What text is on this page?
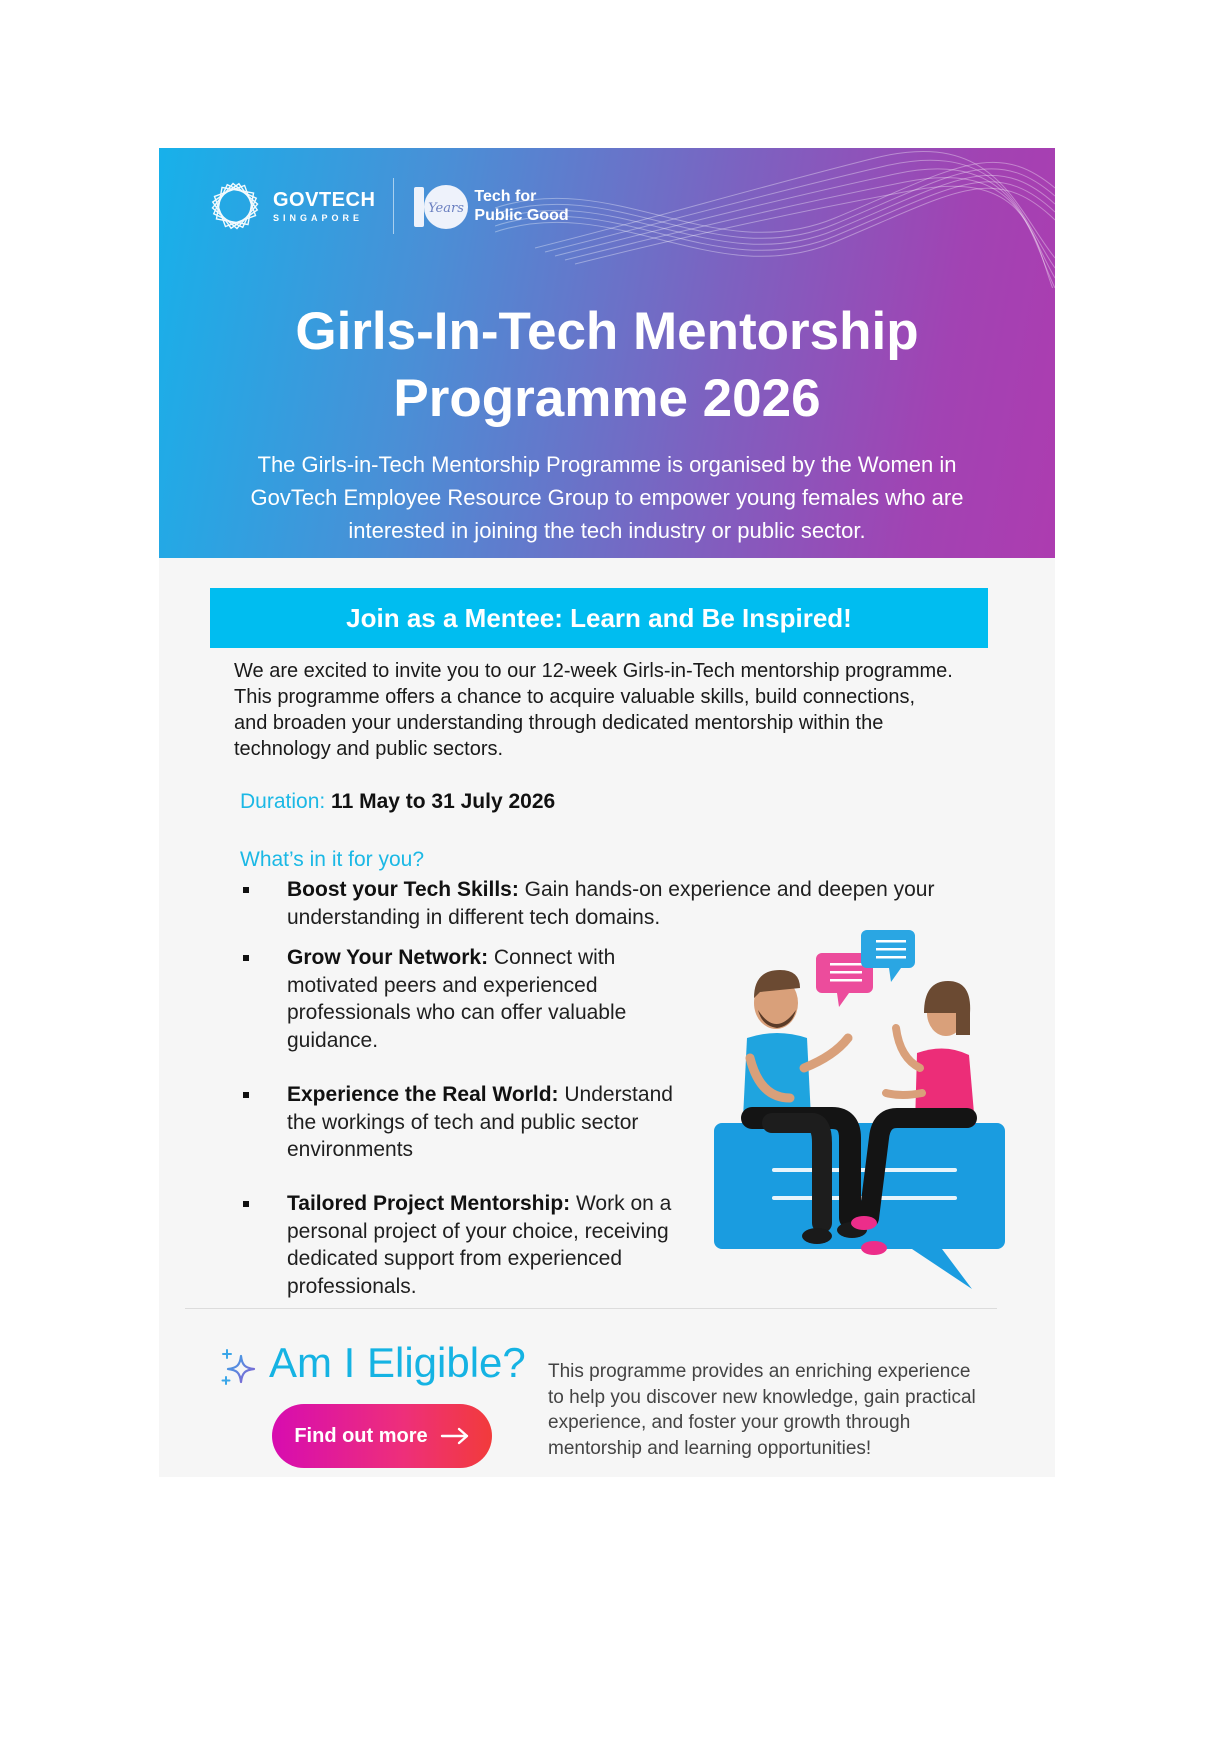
GOVTECH
SINGAPORE
Years
Tech for
Public Good
Girls-In-Tech Mentorship
Programme 2026
The Girls-in-Tech Mentorship Programme is organised by the Women in GovTech Employee Resource Group to empower young females who are interested in joining the tech industry or public sector.
Join as a Mentee: Learn and Be Inspired!
We are excited to invite you to our 12-week Girls-in-Tech mentorship programme. This programme offers a chance to acquire valuable skills, build connections, and broaden your understanding through dedicated mentorship within the technology and public sectors.
Duration: 11 May to 31 July 2026
What’s in it for you?
Boost your Tech Skills: Gain hands-on experience and deepen your understanding in different tech domains.
Grow Your Network: Connect with motivated peers and experienced professionals who can offer valuable guidance.
Experience the Real World: Understand the workings of tech and public sector environments
Tailored Project Mentorship: Work on a personal project of your choice, receiving dedicated support from experienced professionals.
Am I Eligible?
Find out more
This programme provides an enriching experience to help you discover new knowledge, gain practical experience, and foster your growth through mentorship and learning opportunities!
